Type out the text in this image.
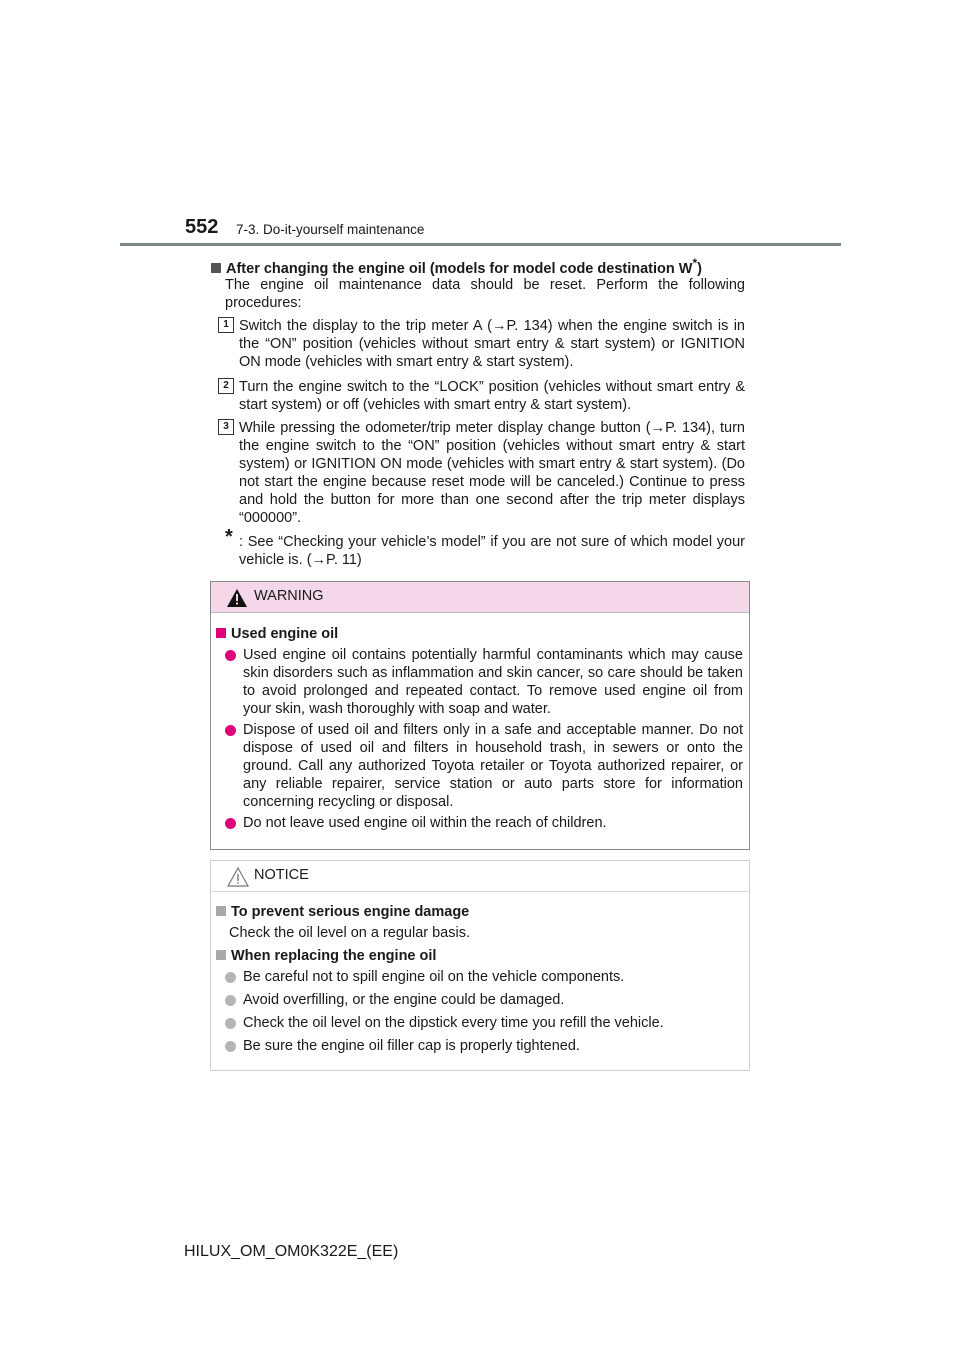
552 7-3. Do-it-yourself maintenance
After changing the engine oil (models for model code destination W*)
The engine oil maintenance data should be reset. Perform the following procedures:
1 Switch the display to the trip meter A (→P. 134) when the engine switch is in the “ON” position (vehicles without smart entry & start system) or IGNITION ON mode (vehicles with smart entry & start system).
2 Turn the engine switch to the “LOCK” position (vehicles without smart entry & start system) or off (vehicles with smart entry & start system).
3 While pressing the odometer/trip meter display change button (→P. 134), turn the engine switch to the “ON” position (vehicles without smart entry & start system) or IGNITION ON mode (vehicles with smart entry & start system). (Do not start the engine because reset mode will be canceled.) Continue to press and hold the button for more than one second after the trip meter displays “000000”.
* : See “Checking your vehicle’s model” if you are not sure of which model your vehicle is. (→P. 11)
WARNING
Used engine oil
Used engine oil contains potentially harmful contaminants which may cause skin disorders such as inflammation and skin cancer, so care should be taken to avoid prolonged and repeated contact. To remove used engine oil from your skin, wash thoroughly with soap and water.
Dispose of used oil and filters only in a safe and acceptable manner. Do not dispose of used oil and filters in household trash, in sewers or onto the ground. Call any authorized Toyota retailer or Toyota authorized repairer, or any reliable repairer, service station or auto parts store for information concerning recycling or disposal.
Do not leave used engine oil within the reach of children.
NOTICE
To prevent serious engine damage
Check the oil level on a regular basis.
When replacing the engine oil
Be careful not to spill engine oil on the vehicle components.
Avoid overfilling, or the engine could be damaged.
Check the oil level on the dipstick every time you refill the vehicle.
Be sure the engine oil filler cap is properly tightened.
HILUX_OM_OM0K322E_(EE)
